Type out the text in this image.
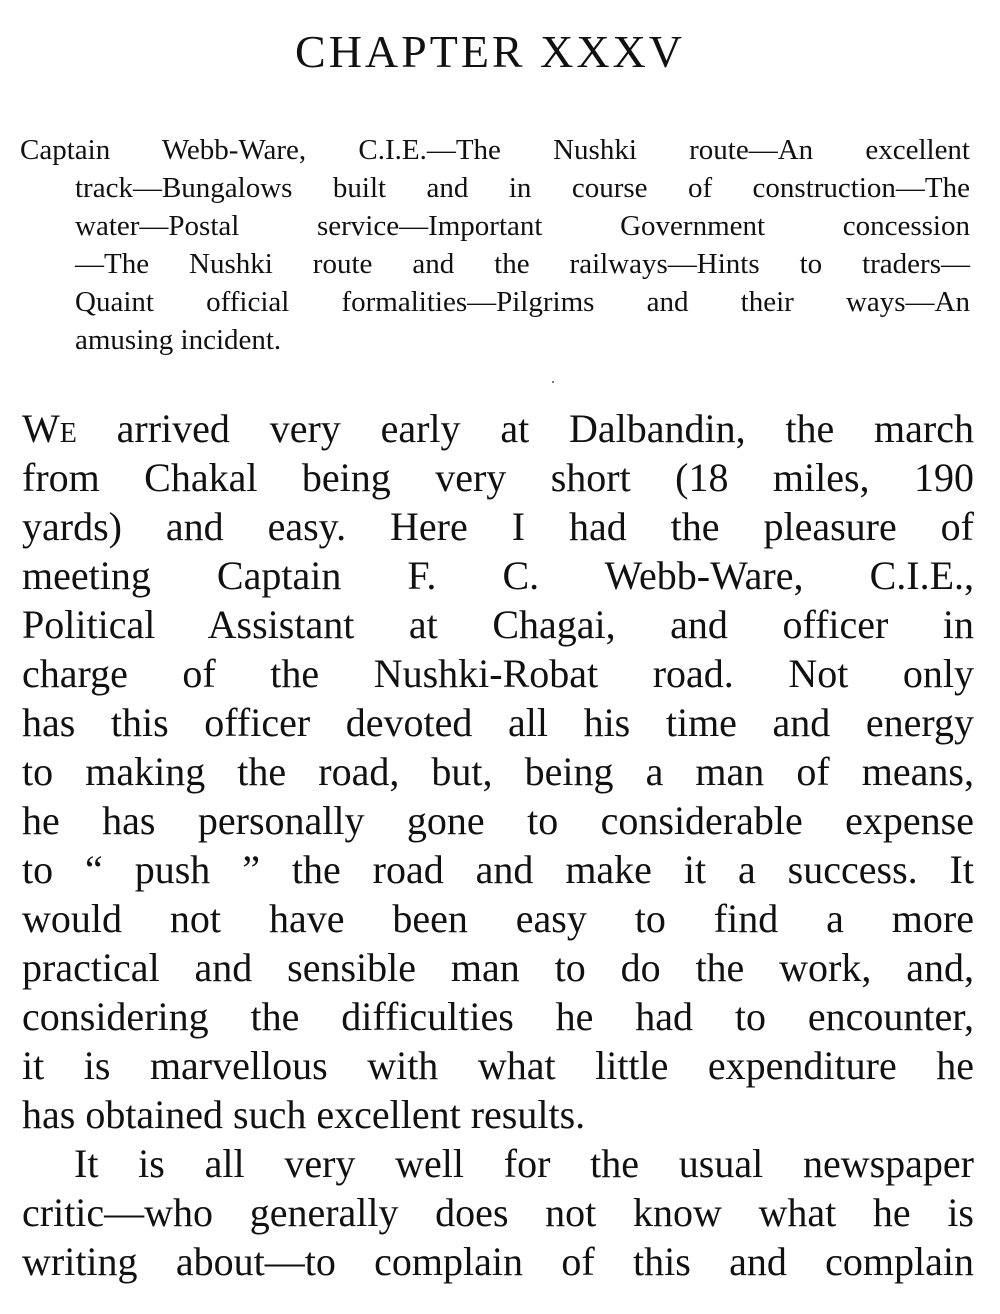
CHAPTER XXXV
Captain Webb-Ware, C.I.E.—The Nushki route—An excellent
track—Bungalows built and in course of construction—The
water—Postal service—Important Government concession
—The Nushki route and the railways—Hints to traders—
Quaint official formalities—Pilgrims and their ways—An
amusing incident.
We arrived very early at Dalbandin, the march
from Chakal being very short (18 miles, 190
yards) and easy. Here I had the pleasure of
meeting Captain F. C. Webb-Ware, C.I.E.,
Political Assistant at Chagai, and officer in
charge of the Nushki-Robat road. Not only
has this officer devoted all his time and energy
to making the road, but, being a man of means,
he has personally gone to considerable expense
to “ push ” the road and make it a success. It
would not have been easy to find a more
practical and sensible man to do the work, and,
considering the difficulties he had to encounter,
it is marvellous with what little expenditure he
has obtained such excellent results.
It is all very well for the usual newspaper
critic—who generally does not know what he is
writing about—to complain of this and complain
